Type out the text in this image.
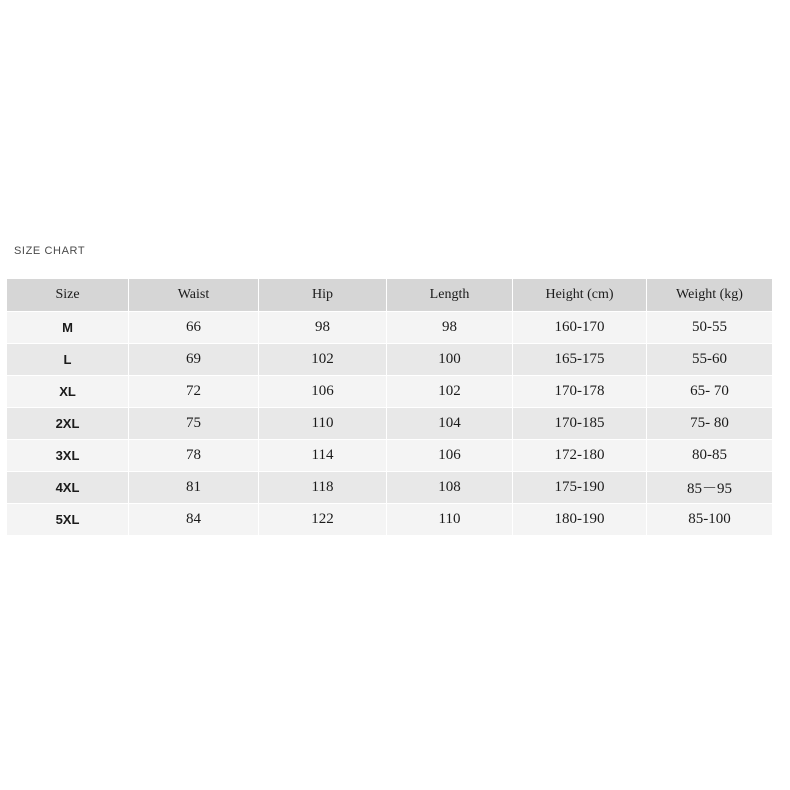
SIZE CHART
Size	Waist	Hip	Length	Height (cm)	Weight (kg)
M	66	98	98	160-170	50-55
L	69	102	100	165-175	55-60
XL	72	106	102	170-178	65- 70
2XL	75	110	104	170-185	75- 80
3XL	78	114	106	172-180	80-85
4XL	81	118	108	175-190	85－95
5XL	84	122	110	180-190	85-100
